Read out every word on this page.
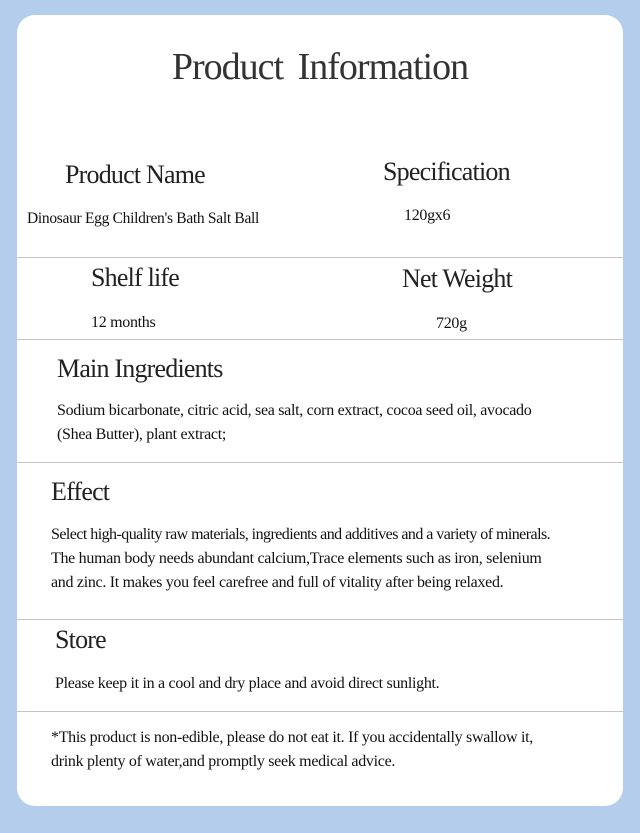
Product Information
Product Name
Dinosaur Egg Children's Bath Salt Ball
Specification
120gx6
Shelf life
12 months
Net Weight
720g
Main Ingredients
Sodium bicarbonate, citric acid, sea salt, corn extract, cocoa seed oil, avocado
(Shea Butter), plant extract;
Effect
Select high-quality raw materials, ingredients and additives and a variety of minerals.
The human body needs abundant calcium,Trace elements such as iron, selenium
and zinc. It makes you feel carefree and full of vitality after being relaxed.
Store
Please keep it in a cool and dry place and avoid direct sunlight.
*This product is non-edible, please do not eat it. If you accidentally swallow it,
drink plenty of water,and promptly seek medical advice.
